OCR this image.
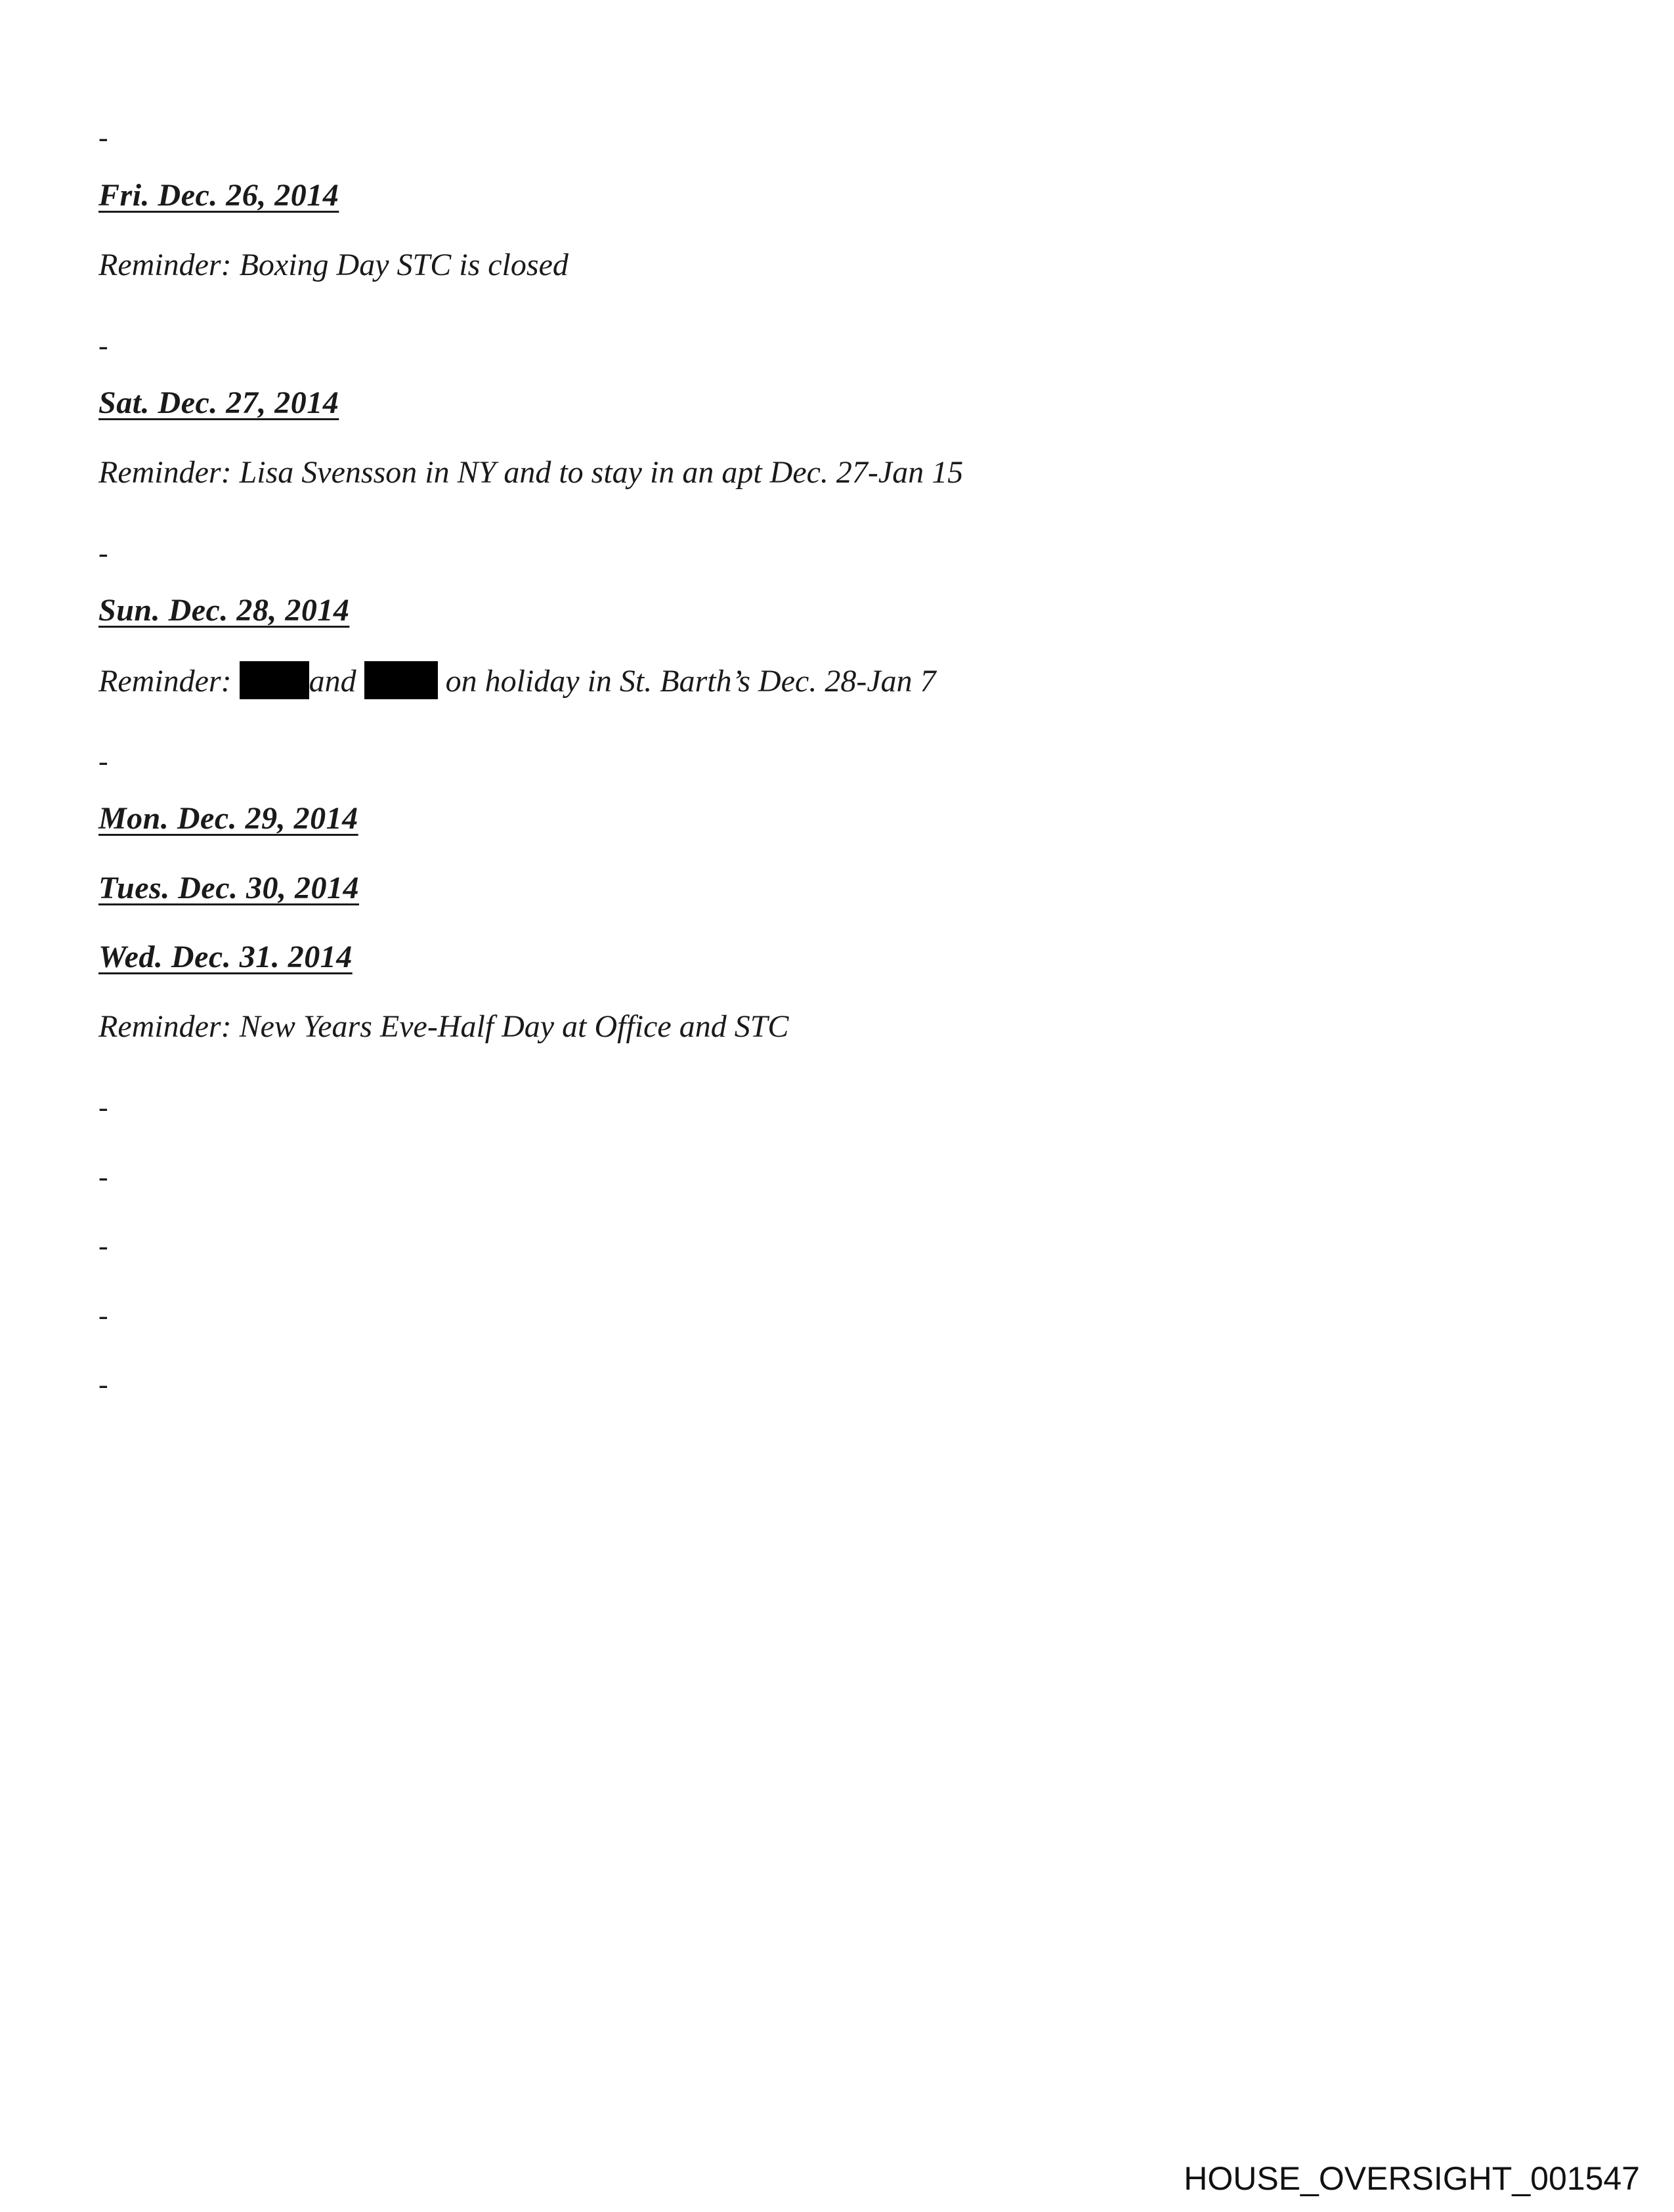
-
Fri. Dec. 26, 2014
Reminder: Boxing Day STC is closed
-
Sat. Dec. 27, 2014
Reminder: Lisa Svensson in NY and to stay in an apt Dec. 27-Jan 15
-
Sun. Dec. 28, 2014
Reminder: and	on holiday in St. Barth’s Dec. 28-Jan 7
-
Mon. Dec. 29, 2014
Tues. Dec. 30, 2014
Wed. Dec. 31. 2014
Reminder: New Years Eve-Half Day at Office and STC
-
-
-
-
-
HOUSE_OVERSIGHT_001547
